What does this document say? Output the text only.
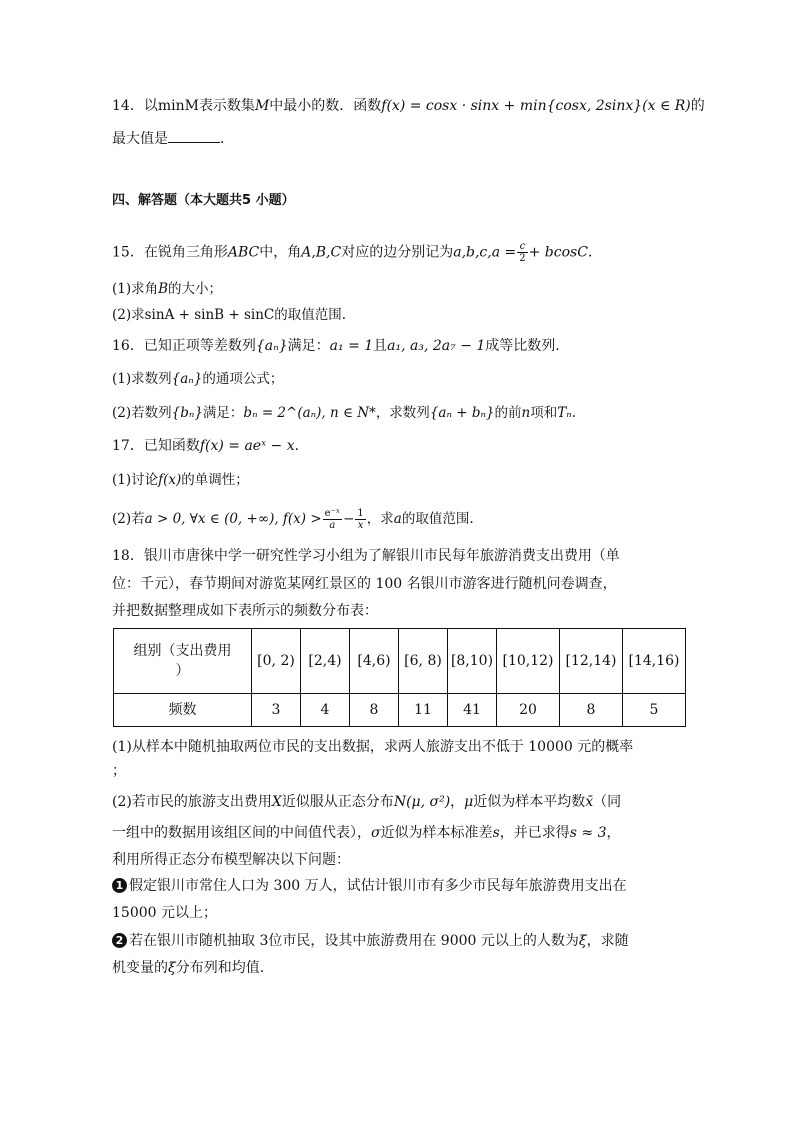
14．以minM表示数集M中最小的数．函数f(x) = cosx · sinx + min{cosx, 2sinx}(x ∈ R)的
最大值是	．
四、解答题（本大题共5 小题）
15．在锐角三角形ABC中，角A,B,C对应的边分别记为$a,b,c,a = \frac{c}{2} + bcosC$．
(1)求角B的大小；
(2)求sinA + sinB + sinC的取值范围.
16．已知正项等差数列{aₙ}满足：a₁ = 1且a₁, a₃, 2a₇ − 1成等比数列.
(1)求数列{aₙ}的通项公式；
(2)若数列{bₙ}满足：bₙ = 2^(aₙ), n ∈ N*，求数列{aₙ + bₙ}的前n项和Tₙ.
17．已知函数f(x) = aeˣ − x.
(1)讨论f(x)的单调性；
(2)若a > 0, ∀x ∈ (0, +∞), $f(x) > \frac{\text{e⁻ˣ}}{a} - \frac{1}{x}$ ，求a的取值范围.
18．银川市唐徕中学一研究性学习小组为了解银川市民每年旅游消费支出费用（单
位：千元），春节期间对游览某网红景区的 100 名银川市游客进行随机问卷调查，
并把数据整理成如下表所示的频数分布表：
组别（支出费用
）	[0, 2)	[2,4)	[4,6)	[6, 8)	[8,10)	[10,12)	[12,14)	[14,16)
频数	3	4	8	11	41	20	8	5
(1)从样本中随机抽取两位市民的支出数据，求两人旅游支出不低于 10000 元的概率
；
(2)若市民的旅游支出费用X近似服从正态分布N(μ, σ²)，μ近似为样本平均数x̄（同
一组中的数据用该组区间的中间值代表），σ近似为样本标准差s，并已求得s ≈ 3，
利用所得正态分布模型解决以下问题：
1 假定银川市常住人口为 300 万人，试估计银川市有多少市民每年旅游费用支出在
15000 元以上；
2 若在银川市随机抽取 3位市民，设其中旅游费用在 9000 元以上的人数为ξ，求随
机变量的ξ分布列和均值.
